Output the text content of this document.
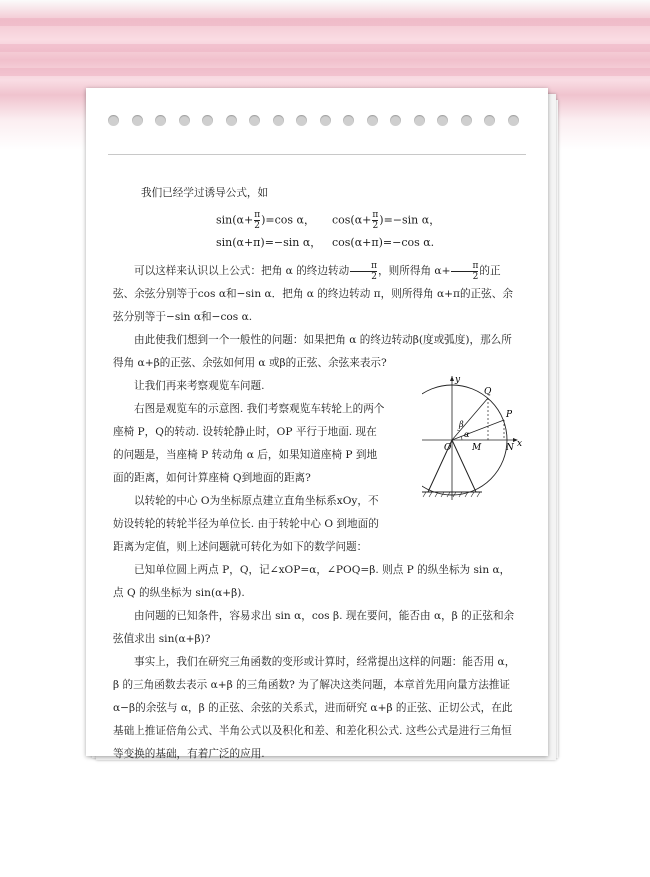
我们已经学过诱导公式，如

$\sin(\alpha+ \frac{\pi}{2} )=\cos$ α， $\cos(\alpha+ \frac{\pi}{2} )=-\sin$ α，
sin(α+π)=−sin α， cos(α+π)=−cos α.

可以这样来认识以上公式：把角 α 的终边转动 $\frac{\pi}{2}$ ，则所得角 $\alpha+ \frac{\pi}{2}$ 的正弦、余弦分别等于cos α和−sin α．把角 α 的终边转动 π，则所得角 α+π的正弦、余弦分别等于−sin α和−cos α.

由此使我们想到一个一般性的问题：如果把角 α 的终边转动β(度或弧度)，那么所得角 α+β的正弦、余弦如何用 α 或β的正弦、余弦来表示?

让我们再来考察观览车问题.

右图是观览车的示意图. 我们考察观览车转轮上的两个座椅 P，Q的转动. 设转轮静止时，OP 平行于地面. 现在的问题是，当座椅 P 转动角 α 后，如果知道座椅 P 到地面的距离，如何计算座椅 Q到地面的距离?

以转轮的中心 O为坐标原点建立直角坐标系xOy，不妨设转轮的转轮半径为单位长. 由于转轮中心 O 到地面的距离为定值，则上述问题就可转化为如下的数学问题：

已知单位圆上两点 P，Q，记∠xOP=α，∠POQ=β. 则点 P 的纵坐标为 sin α，点 Q 的纵坐标为 sin(α+β).

由问题的已知条件，容易求出 sin α，cos β. 现在要问，能否由 α，β 的正弦和余弦值求出 sin(α+β)?

事实上，我们在研究三角函数的变形或计算时，经常提出这样的问题：能否用 α，β 的三角函数去表示 α+β 的三角函数? 为了解决这类问题，本章首先用向量方法推证 α−β的余弦与 α，β 的正弦、余弦的关系式，进而研究 α+β 的正弦、正切公式，在此基础上推证倍角公式、半角公式以及积化和差、和差化积公式. 这些公式是进行三角恒等变换的基础，有着广泛的应用.

y
x
Q
P
O M	N
β
α
